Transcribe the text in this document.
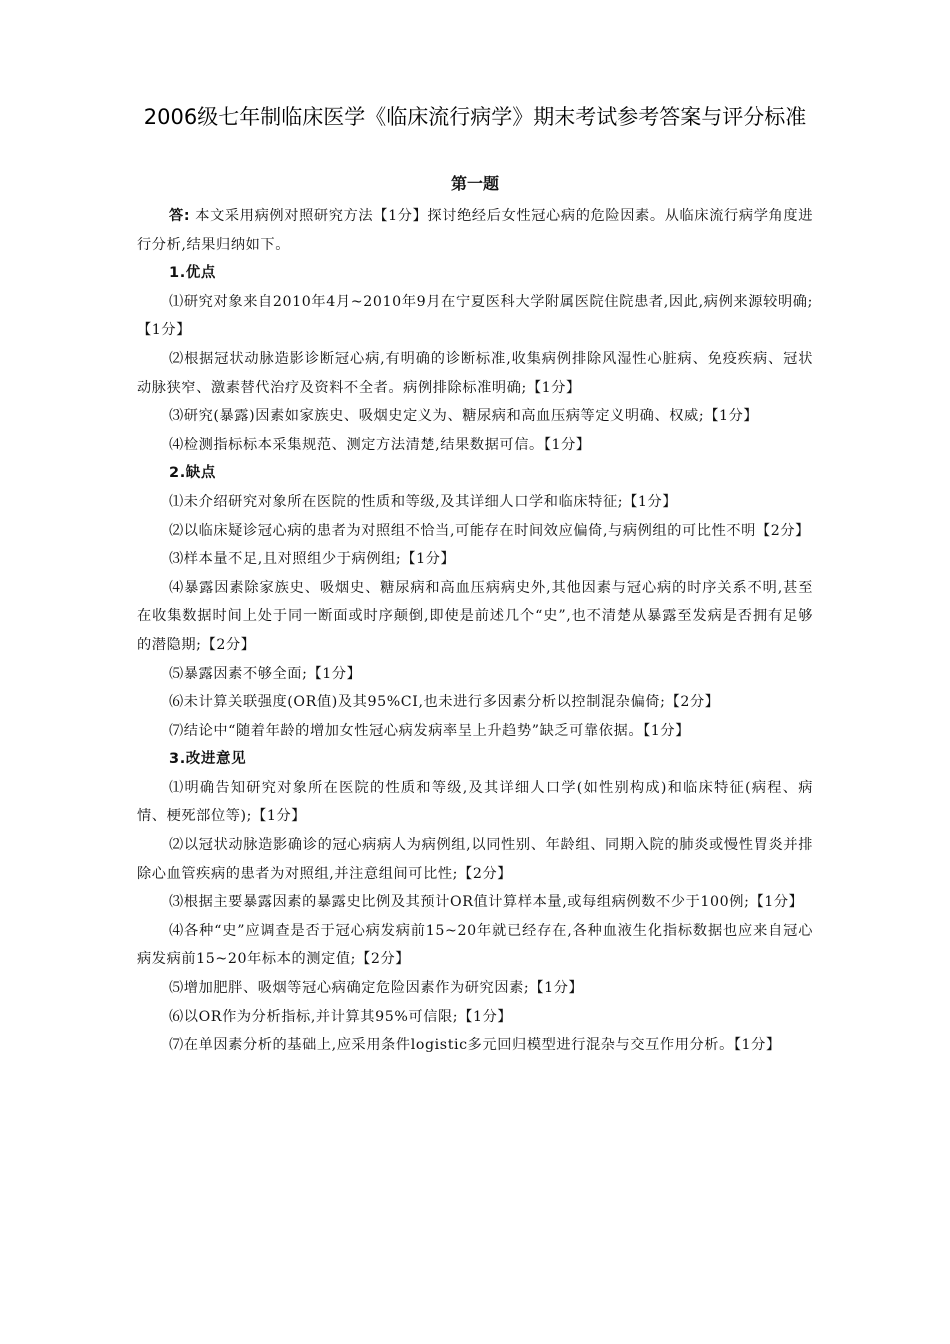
2006级七年制临床医学《临床流行病学》期末考试参考答案与评分标准
第一题

答: 本文采用病例对照研究方法【1分】探讨绝经后女性冠心病的危险因素。从临床流行病学角度进行分析,结果归纳如下。

1.优点

⑴研究对象来自2010年4月~2010年9月在宁夏医科大学附属医院住院患者,因此,病例来源较明确;【1分】

⑵根据冠状动脉造影诊断冠心病,有明确的诊断标准,收集病例排除风湿性心脏病、免疫疾病、冠状动脉狭窄、激素替代治疗及资料不全者。病例排除标准明确;【1分】

⑶研究(暴露)因素如家族史、吸烟史定义为、糖尿病和高血压病等定义明确、权威;【1分】

⑷检测指标标本采集规范、测定方法清楚,结果数据可信。【1分】

2.缺点

⑴未介绍研究对象所在医院的性质和等级,及其详细人口学和临床特征;【1分】

⑵以临床疑诊冠心病的患者为对照组不恰当,可能存在时间效应偏倚,与病例组的可比性不明【2分】

⑶样本量不足,且对照组少于病例组;【1分】

⑷暴露因素除家族史、吸烟史、糖尿病和高血压病病史外,其他因素与冠心病的时序关系不明,甚至在收集数据时间上处于同一断面或时序颠倒,即使是前述几个“史”,也不清楚从暴露至发病是否拥有足够的潜隐期;【2分】

⑸暴露因素不够全面;【1分】

⑹未计算关联强度(OR值)及其95%CI,也未进行多因素分析以控制混杂偏倚;【2分】

⑺结论中“随着年龄的增加女性冠心病发病率呈上升趋势”缺乏可靠依据。【1分】

3.改进意见

⑴明确告知研究对象所在医院的性质和等级,及其详细人口学(如性别构成)和临床特征(病程、病情、梗死部位等);【1分】

⑵以冠状动脉造影确诊的冠心病病人为病例组,以同性别、年龄组、同期入院的肺炎或慢性胃炎并排除心血管疾病的患者为对照组,并注意组间可比性;【2分】

⑶根据主要暴露因素的暴露史比例及其预计OR值计算样本量,或每组病例数不少于100例;【1分】

⑷各种“史”应调查是否于冠心病发病前15~20年就已经存在,各种血液生化指标数据也应来自冠心病发病前15~20年标本的测定值;【2分】

⑸增加肥胖、吸烟等冠心病确定危险因素作为研究因素;【1分】

⑹以OR作为分析指标,并计算其95%可信限;【1分】

⑺在单因素分析的基础上,应采用条件logistic多元回归模型进行混杂与交互作用分析。【1分】
